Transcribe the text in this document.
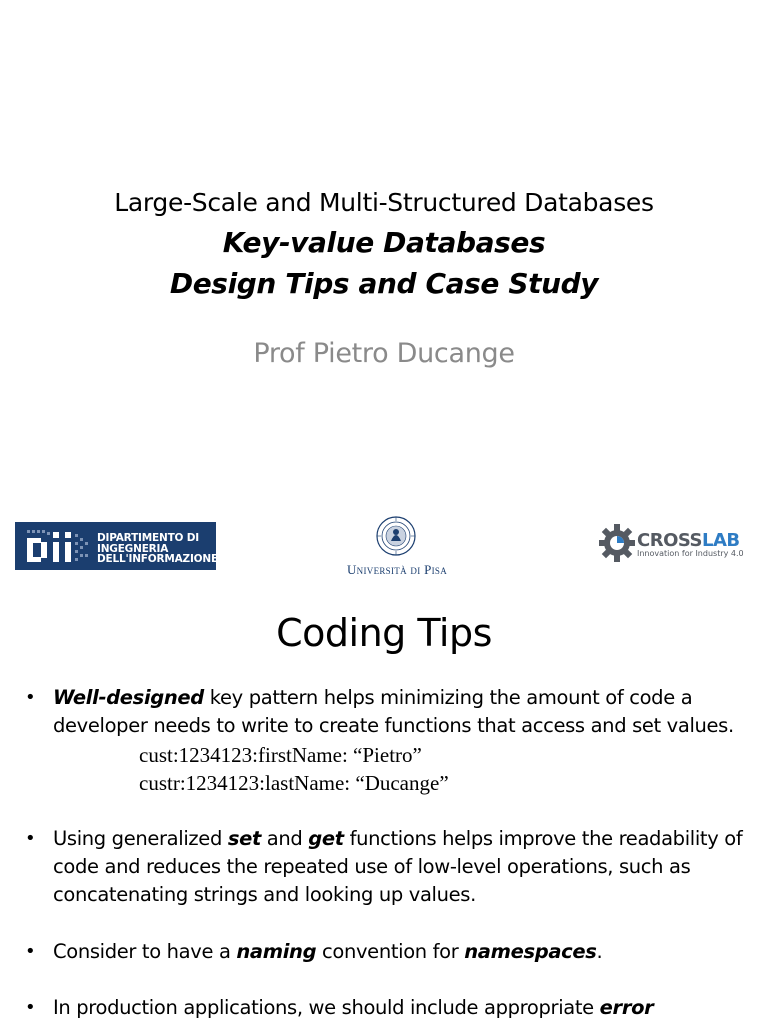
Large-Scale and Multi-Structured Databases
Key-value Databases
Design Tips and Case Study
Prof Pietro Ducange
DIPARTIMENTO DI
INGEGNERIA
DELL'INFORMAZIONE
Università di Pisa
CROSSLAB
Innovation for Industry 4.0
Coding Tips
• Well-designed key pattern helps minimizing the amount of code a
developer needs to write to create functions that access and set values.
cust:1234123:firstName: “Pietro”
custr:1234123:lastName: “Ducange”
• Using generalized set and get functions helps improve the readability of
code and reduces the repeated use of low-level operations, such as
concatenating strings and looking up values.
• Consider to have a naming convention for namespaces.
• In production applications, we should include appropriate error
